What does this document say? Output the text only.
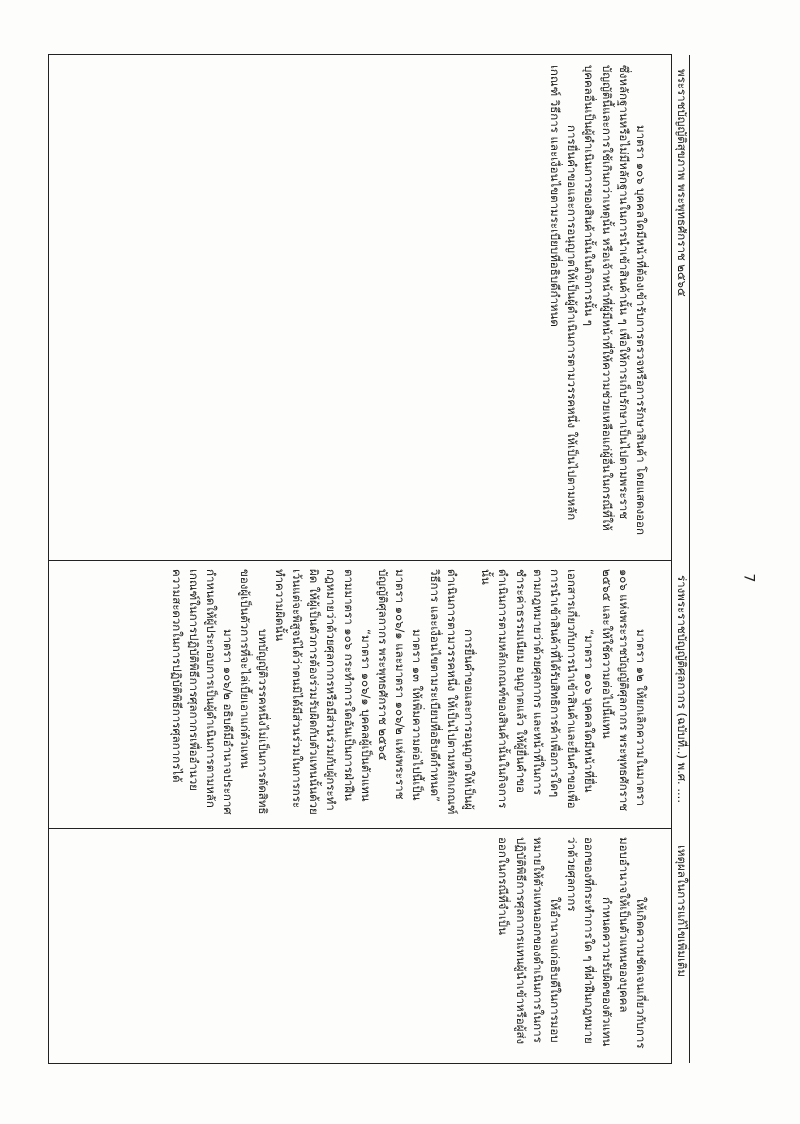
7
พระราชบัญญัติสุขภาพ พระพุทธศักราช ๒๕๖๕

มาตรา ๑๐๖ บุคคลใดมีหน้าที่ต้องเข้ารับการตรวจหรือการรักษาสินค้า โดยแสดงออกซึ่งหลักฐานหรือไม่มีหลักฐานในการนำเข้าสินค้านั้น ๆ เพื่อให้การเก็บรักษาเป็นไปตามพระราชบัญญัตินี้และการใช้เกินกว่าเหตุนั้น หรือเจ้าหน้าที่ผู้มีหน้าที่ให้ความช่วยเหลือแก่ผู้อื่นในกรณีที่ให้บุคคลอื่นเป็นผู้ดำเนินการของสินค้านั้นในกิจการนั้น ๆ

การยื่นคำขอและการอนุญาตให้เป็นผู้ดำเนินการตามวรรคหนึ่ง ให้เป็นไปตามหลักเกณฑ์ วิธีการ และเงื่อนไขตามระเบียบที่อธิบดีกำหนด

ร่างพระราชบัญญัติศุลกากร (ฉบับที่..) พ.ศ. ....

มาตรา ๑๒ ให้ยกเลิกความในมาตรา ๑๐๖ แห่งพระราชบัญญัติศุลกากร พระพุทธศักราช ๒๕๖๕ และให้ใช้ความต่อไปนี้แทน

“มาตรา ๑๐๖ บุคคลใดมีหน้าที่ยื่นเอกสารเกี่ยวกับการนำเข้าสินค้าและยื่นคำขอเพื่อการนำเข้าสินค้าที่ได้รับสิทธิการค้าเพื่อการใดๆ ตามกฎหมายว่าด้วยศุลกากร และหน้าที่ในการชำระค่าธรรมเนียม อนุญาตแล้ว ให้ผู้ยื่นคำขอดำเนินการตามหลักเกณฑ์ของสินค้านั้นในกิจการนั้น

การยื่นคำขอและการอนุญาตให้เป็นผู้ดำเนินการตามวรรคหนึ่ง ให้เป็นไปตามหลักเกณฑ์ วิธีการ และเงื่อนไขตามระเบียบที่อธิบดีกำหนด”

มาตรา ๑๓ ให้เพิ่มความต่อไปนี้เป็นมาตรา ๑๐๖/๑ และมาตรา ๑๐๖/๒ แห่งพระราชบัญญัติศุลกากร พระพุทธศักราช ๒๕๖๕

“มาตรา ๑๐๖/๑ บุคคลผู้เป็นตัวแทนตามมาตรา ๑๐๖ กระทำการใดอันเป็นการฝ่าฝืนกฎหมายว่าด้วยศุลกากรหรือมีส่วนร่วมกับผู้กระทำผิด ให้ผู้เป็นตัวการต้องร่วมรับผิดกับตัวแทนนั้นด้วย เว้นแต่จะพิสูจน์ได้ว่าตนมิได้มีส่วนร่วมในการกระทำความผิดนั้น

บทบัญญัติวรรคหนึ่งไม่เป็นการตัดสิทธิของผู้เป็นตัวการที่จะไล่เบี้ยเอาแก่ตัวแทน

มาตรา ๑๐๖/๒ อธิบดีมีอำนาจประกาศกำหนดให้ผู้ประกอบการเป็นผู้ดำเนินการตามหลักเกณฑ์ในการปฏิบัติพิธีการศุลกากรเพื่ออำนวยความสะดวกในการปฏิบัติพิธีการศุลกากรได้

เหตุผลในการแก้ไขเพิ่มเติม

ให้เกิดความชัดเจนเกี่ยวกับการมอบอำนาจให้เป็นตัวแทนของบุคคล

กำหนดความรับผิดของตัวแทนออกของที่กระทำการใด ๆ ที่ฝ่าฝืนกฎหมายว่าด้วยศุลกากร

ให้อำนาจแก่อธิบดีในการมอบหมายให้ตัวแทนออกของดำเนินการในการปฏิบัติพิธีการศุลกากรแทนผู้นำเข้าหรือผู้ส่งออกในกรณีที่จำเป็น
